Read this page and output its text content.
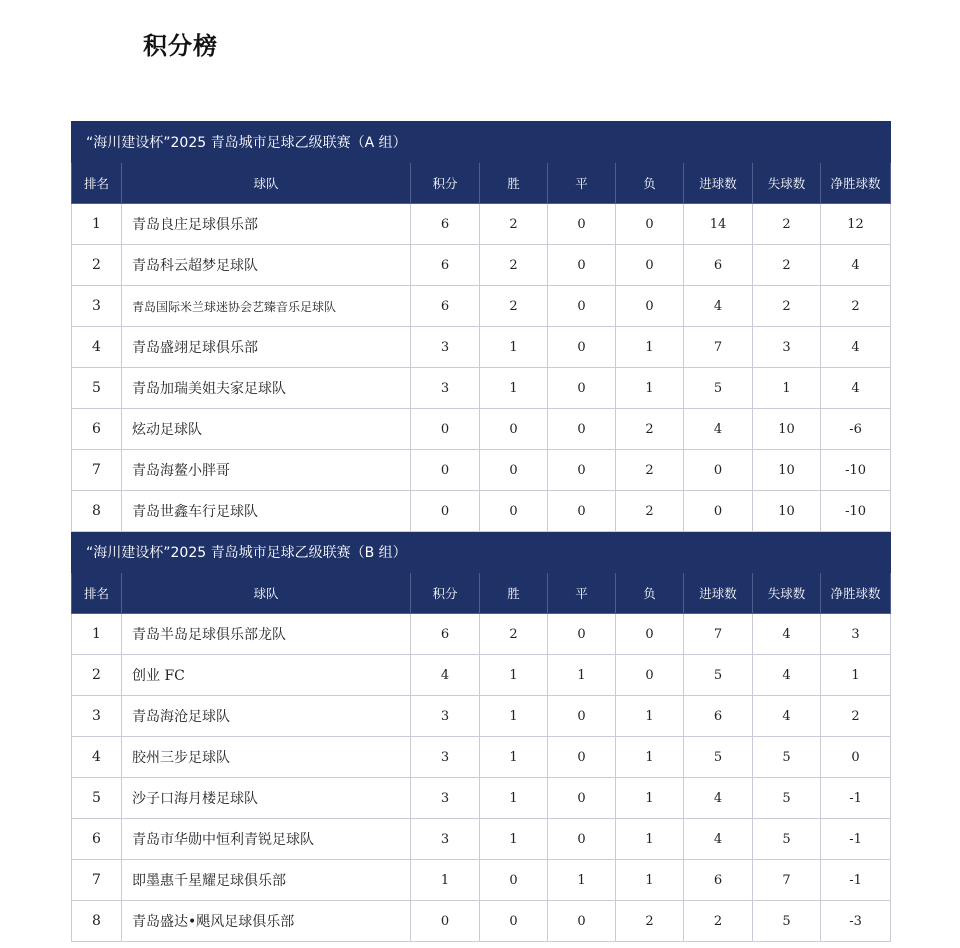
积分榜
“海川建设杯”2025 青岛城市足球乙级联赛（A 组）								
排名	球队	积分	胜	平	负	进球数	失球数	净胜球数
1	青岛良庄足球俱乐部	6	2	0	0	14	2	12
2	青岛科云超梦足球队	6	2	0	0	6	2	4
3	青岛国际米兰球迷协会艺臻音乐足球队	6	2	0	0	4	2	2
4	青岛盛翊足球俱乐部	3	1	0	1	7	3	4
5	青岛加瑞美姐夫家足球队	3	1	0	1	5	1	4
6	炫动足球队	0	0	0	2	4	10	-6
7	青岛海鳌小胖哥	0	0	0	2	0	10	-10
8	青岛世鑫车行足球队	0	0	0	2	0	10	-10
“海川建设杯”2025 青岛城市足球乙级联赛（B 组）								
排名	球队	积分	胜	平	负	进球数	失球数	净胜球数
1	青岛半岛足球俱乐部龙队	6	2	0	0	7	4	3
2	创业 FC	4	1	1	0	5	4	1
3	青岛海沧足球队	3	1	0	1	6	4	2
4	胶州三步足球队	3	1	0	1	5	5	0
5	沙子口海月楼足球队	3	1	0	1	4	5	-1
6	青岛市华勋中恒利青锐足球队	3	1	0	1	4	5	-1
7	即墨惠千星耀足球俱乐部	1	0	1	1	6	7	-1
8	青岛盛达•飓风足球俱乐部	0	0	0	2	2	5	-3
